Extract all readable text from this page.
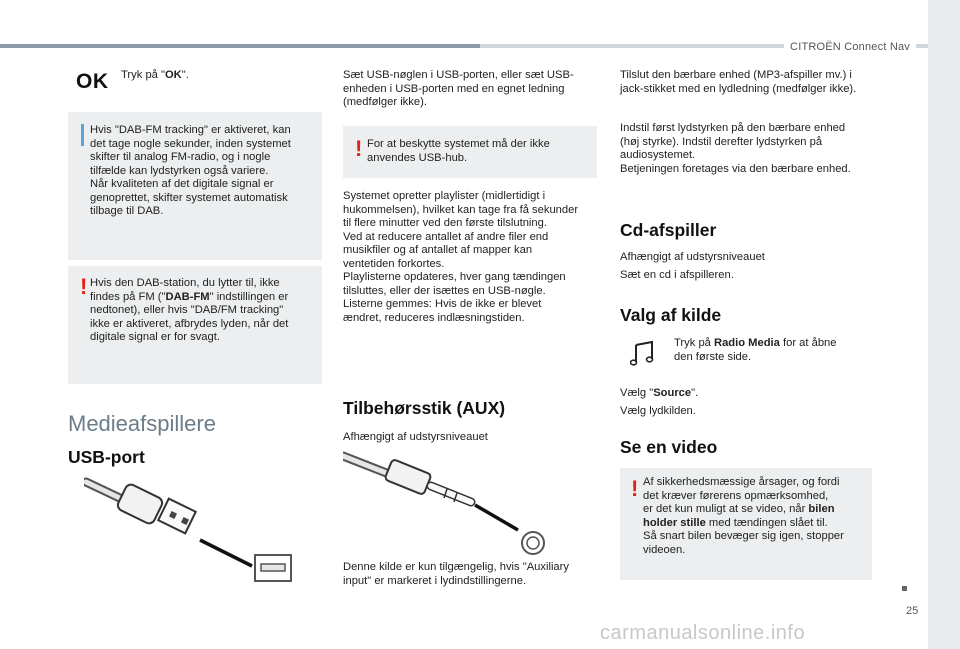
CITROËN Connect Nav
OK Tryk på "OK".
Hvis "DAB-FM tracking" er aktiveret, kan
det tage nogle sekunder, inden systemet
skifter til analog FM-radio, og i nogle
tilfælde kan lydstyrken også variere.
Når kvaliteten af det digitale signal er
genoprettet, skifter systemet automatisk
tilbage til DAB.
! Hvis den DAB-station, du lytter til, ikke
findes på FM ("DAB-FM" indstillingen er
nedtonet), eller hvis "DAB/FM tracking"
ikke er aktiveret, afbrydes lyden, når det
digitale signal er for svagt.
Medieafspillere
USB-port
Sæt USB-nøglen i USB-porten, eller sæt USB-
enheden i USB-porten med en egnet ledning
(medfølger ikke).
! For at beskytte systemet må der ikke
anvendes USB-hub.
Systemet opretter playlister (midlertidigt i
hukommelsen), hvilket kan tage fra få sekunder
til flere minutter ved den første tilslutning.
Ved at reducere antallet af andre filer end
musikfiler og af antallet af mapper kan
ventetiden forkortes.
Playlisterne opdateres, hver gang tændingen
tilsluttes, eller der isættes en USB-nøgle.
Listerne gemmes: Hvis de ikke er blevet
ændret, reduceres indlæsningstiden.
Tilbehørsstik (AUX)
Afhængigt af udstyrsniveauet
Denne kilde er kun tilgængelig, hvis "Auxiliary
input" er markeret i lydindstillingerne.
Tilslut den bærbare enhed (MP3-afspiller mv.) i
jack-stikket med en lydledning (medfølger ikke).
Indstil først lydstyrken på den bærbare enhed
(høj styrke). Indstil derefter lydstyrken på
audiosystemet.
Betjeningen foretages via den bærbare enhed.
Cd-afspiller
Afhængigt af udstyrsniveauet
Sæt en cd i afspilleren.
Valg af kilde
Tryk på Radio Media for at åbne
den første side.
Vælg "Source".
Vælg lydkilden.
Se en video
! Af sikkerhedsmæssige årsager, og fordi
det kræver førerens opmærksomhed,
er det kun muligt at se video, når bilen
holder stille med tændingen slået til.
Så snart bilen bevæger sig igen, stopper
videoen.
25
carmanualsonline.info
